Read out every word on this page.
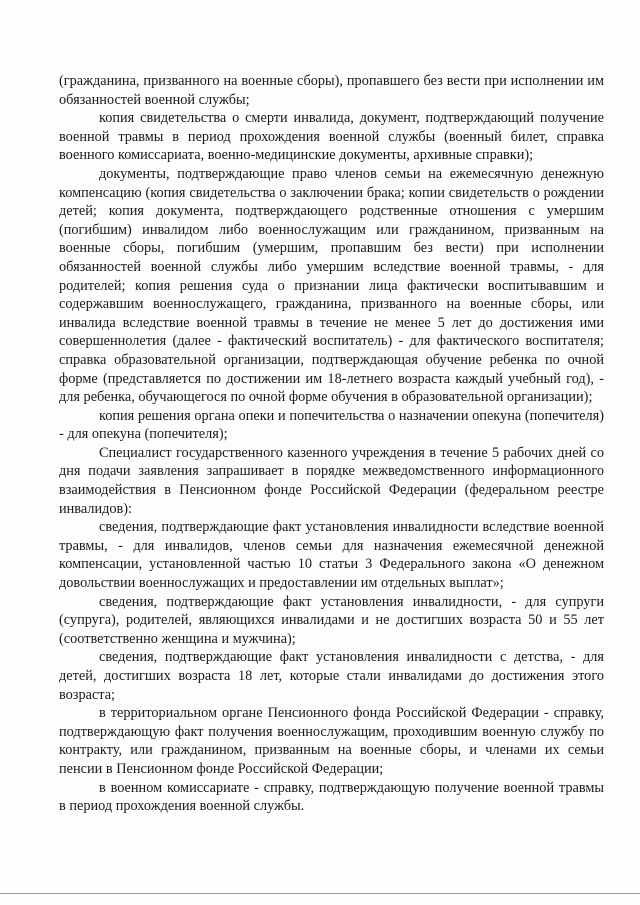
(гражданина, призванного на военные сборы), пропавшего без вести при исполнении им обязанностей военной службы;

копия свидетельства о смерти инвалида, документ, подтверждающий получение военной травмы в период прохождения военной службы (военный билет, справка военного комиссариата, военно-медицинские документы, архивные справки);

документы, подтверждающие право членов семьи на ежемесячную денежную компенсацию (копия свидетельства о заключении брака; копии свидетельств о рождении детей; копия документа, подтверждающего родственные отношения с умершим (погибшим) инвалидом либо военнослужащим или гражданином, призванным на военные сборы, погибшим (умершим, пропавшим без вести) при исполнении обязанностей военной службы либо умершим вследствие военной травмы, - для родителей; копия решения суда о признании лица фактически воспитывавшим и содержавшим военнослужащего, гражданина, призванного на военные сборы, или инвалида вследствие военной травмы в течение не менее 5 лет до достижения ими совершеннолетия (далее - фактический воспитатель) - для фактического воспитателя; справка образовательной организации, подтверждающая обучение ребенка по очной форме (представляется по достижении им 18-летнего возраста каждый учебный год), - для ребенка, обучающегося по очной форме обучения в образовательной организации);

копия решения органа опеки и попечительства о назначении опекуна (попечителя) - для опекуна (попечителя);

Специалист государственного казенного учреждения в течение 5 рабочих дней со дня подачи заявления запрашивает в порядке межведомственного информационного взаимодействия в Пенсионном фонде Российской Федерации (федеральном реестре инвалидов):

сведения, подтверждающие факт установления инвалидности вследствие военной травмы, - для инвалидов, членов семьи для назначения ежемесячной денежной компенсации, установленной частью 10 статьи 3 Федерального закона «О денежном довольствии военнослужащих и предоставлении им отдельных выплат»;

сведения, подтверждающие факт установления инвалидности, - для супруги (супруга), родителей, являющихся инвалидами и не достигших возраста 50 и 55 лет (соответственно женщина и мужчина);

сведения, подтверждающие факт установления инвалидности с детства, - для детей, достигших возраста 18 лет, которые стали инвалидами до достижения этого возраста;

в территориальном органе Пенсионного фонда Российской Федерации - справку, подтверждающую факт получения военнослужащим, проходившим военную службу по контракту, или гражданином, призванным на военные сборы, и членами их семьи пенсии в Пенсионном фонде Российской Федерации;

в военном комиссариате - справку, подтверждающую получение военной травмы в период прохождения военной службы.
